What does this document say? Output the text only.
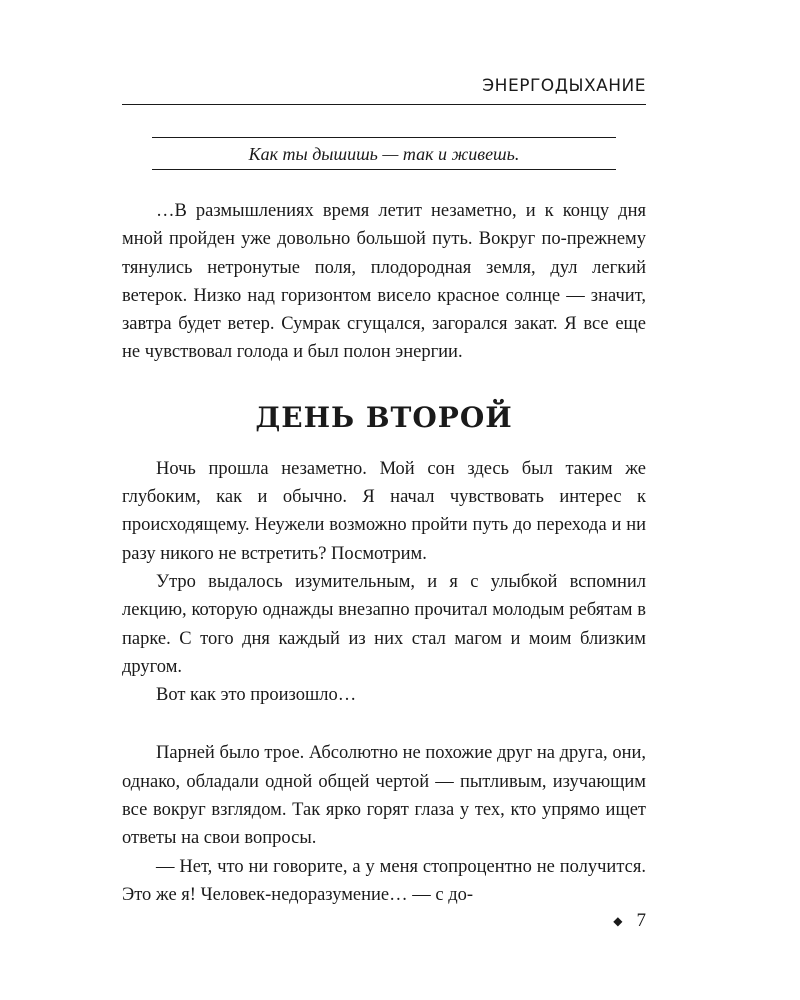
ЭНЕРГОДЫХАНИЕ
Как ты дышишь — так и живешь.

…В размышлениях время летит незаметно, и к концу дня мной пройден уже довольно большой путь. Вокруг по-прежнему тянулись нетронутые поля, плодородная земля, дул легкий ветерок. Низко над горизонтом висело красное солнце — значит, завтра будет ветер. Сумрак сгущался, загорался закат. Я все еще не чувствовал голода и был полон энергии.

ДЕНЬ ВТОРОЙ

Ночь прошла незаметно. Мой сон здесь был таким же глубоким, как и обычно. Я начал чувствовать интерес к происходящему. Неужели возможно пройти путь до перехода и ни разу никого не встретить? Посмотрим.

Утро выдалось изумительным, и я с улыбкой вспомнил лекцию, которую однажды внезапно прочитал молодым ребятам в парке. С того дня каждый из них стал магом и моим близким другом.

Вот как это произошло…

Парней было трое. Абсолютно не похожие друг на друга, они, однако, обладали одной общей чертой — пытливым, изучающим все вокруг взглядом. Так ярко горят глаза у тех, кто упрямо ищет ответы на свои вопросы.

— Нет, что ни говорите, а у меня стопроцентно не получится. Это же я! Человек-недоразумение… — с до-

◆ 7
